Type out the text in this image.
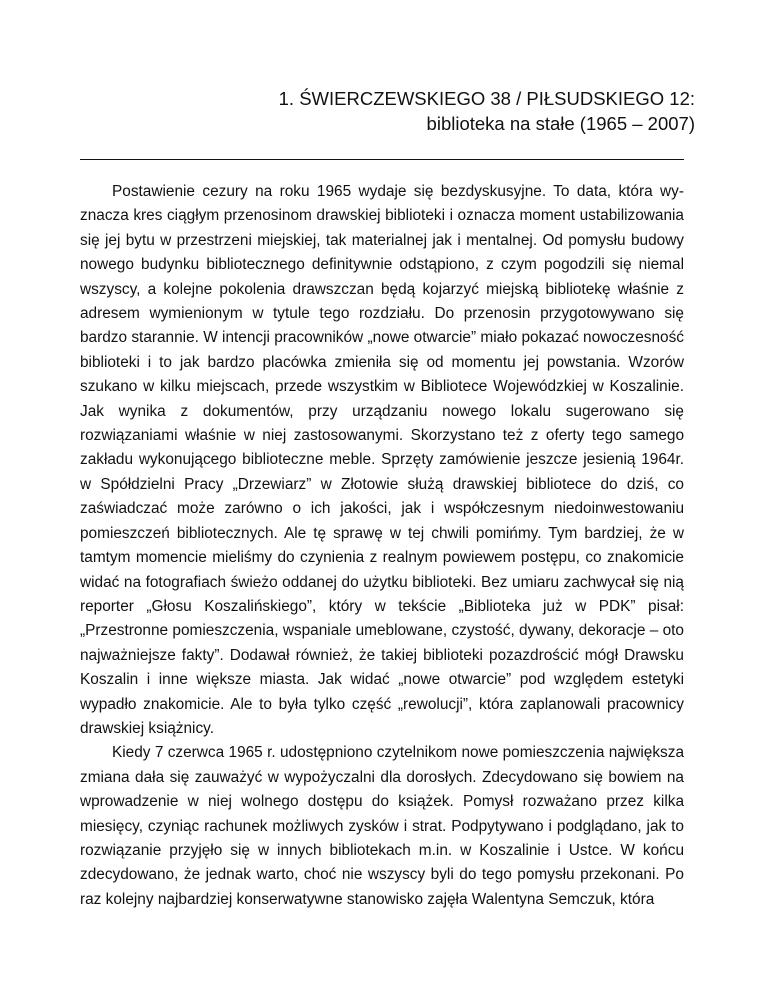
1. ŚWIERCZEWSKIEGO 38 / PIŁSUDSKIEGO 12:
biblioteka na stałe (1965 – 2007)

Postawienie cezury na roku 1965 wydaje się bezdyskusyjne. To data, która wyznacza kres ciągłym przenosinom drawskiej biblioteki i oznacza moment ustabilizowania się jej bytu w przestrzeni miejskiej, tak materialnej jak i mentalnej. Od pomysłu budowy nowego budynku bibliotecznego definitywnie odstąpiono, z czym pogodzili się niemal wszyscy, a kolejne pokolenia drawszczan będą kojarzyć miejską bibliotekę właśnie z adresem wymienionym w tytule tego rozdziału. Do przenosin przygotowywano się bardzo starannie. W intencji pracowników „nowe otwarcie” miało pokazać nowoczesność biblioteki i to jak bardzo placówka zmieniła się od momentu jej powstania. Wzorów szukano w kilku miejscach, przede wszystkim w Bibliotece Wojewódzkiej w Koszalinie. Jak wynika z dokumentów, przy urządzaniu nowego lokalu sugerowano się rozwiązaniami właśnie w niej zastosowanymi. Skorzystano też z oferty tego samego zakładu wykonującego biblioteczne meble. Sprzęty zamówienie jeszcze jesienią 1964r. w Spółdzielni Pracy „Drzewiarz” w Złotowie służą drawskiej bibliotece do dziś, co zaświadczać może zarówno o ich jakości, jak i współczesnym niedoinwestowaniu pomieszczeń bibliotecznych. Ale tę sprawę w tej chwili pomińmy. Tym bardziej, że w tamtym momencie mieliśmy do czynienia z realnym powiewem postępu, co znakomicie widać na fotografiach świeżo oddanej do użytku biblioteki. Bez umiaru zachwycał się nią reporter „Głosu Koszalińskiego”, który w tekście „Biblioteka już w PDK” pisał: „Przestronne pomieszczenia, wspaniale umeblowane, czystość, dywany, dekoracje – oto najważniejsze fakty”. Dodawał również, że takiej biblioteki pozazdrościć mógł Drawsku Koszalin i inne większe miasta. Jak widać „nowe otwarcie” pod względem estetyki wypadło znakomicie. Ale to była tylko część „rewolucji”, która zaplanowali pracownicy drawskiej książnicy.

Kiedy 7 czerwca 1965 r. udostępniono czytelnikom nowe pomieszczenia największa zmiana dała się zauważyć w wypożyczalni dla dorosłych. Zdecydowano się bowiem na wprowadzenie w niej wolnego dostępu do książek. Pomysł rozważano przez kilka miesięcy, czyniąc rachunek możliwych zysków i strat. Podpytywano i podglądano, jak to rozwiązanie przyjęło się w innych bibliotekach m.in. w Koszalinie i Ustce. W końcu zdecydowano, że jednak warto, choć nie wszyscy byli do tego pomysłu przekonani. Po raz kolejny najbardziej konserwatywne stanowisko zajęła Walentyna Semczuk, która
